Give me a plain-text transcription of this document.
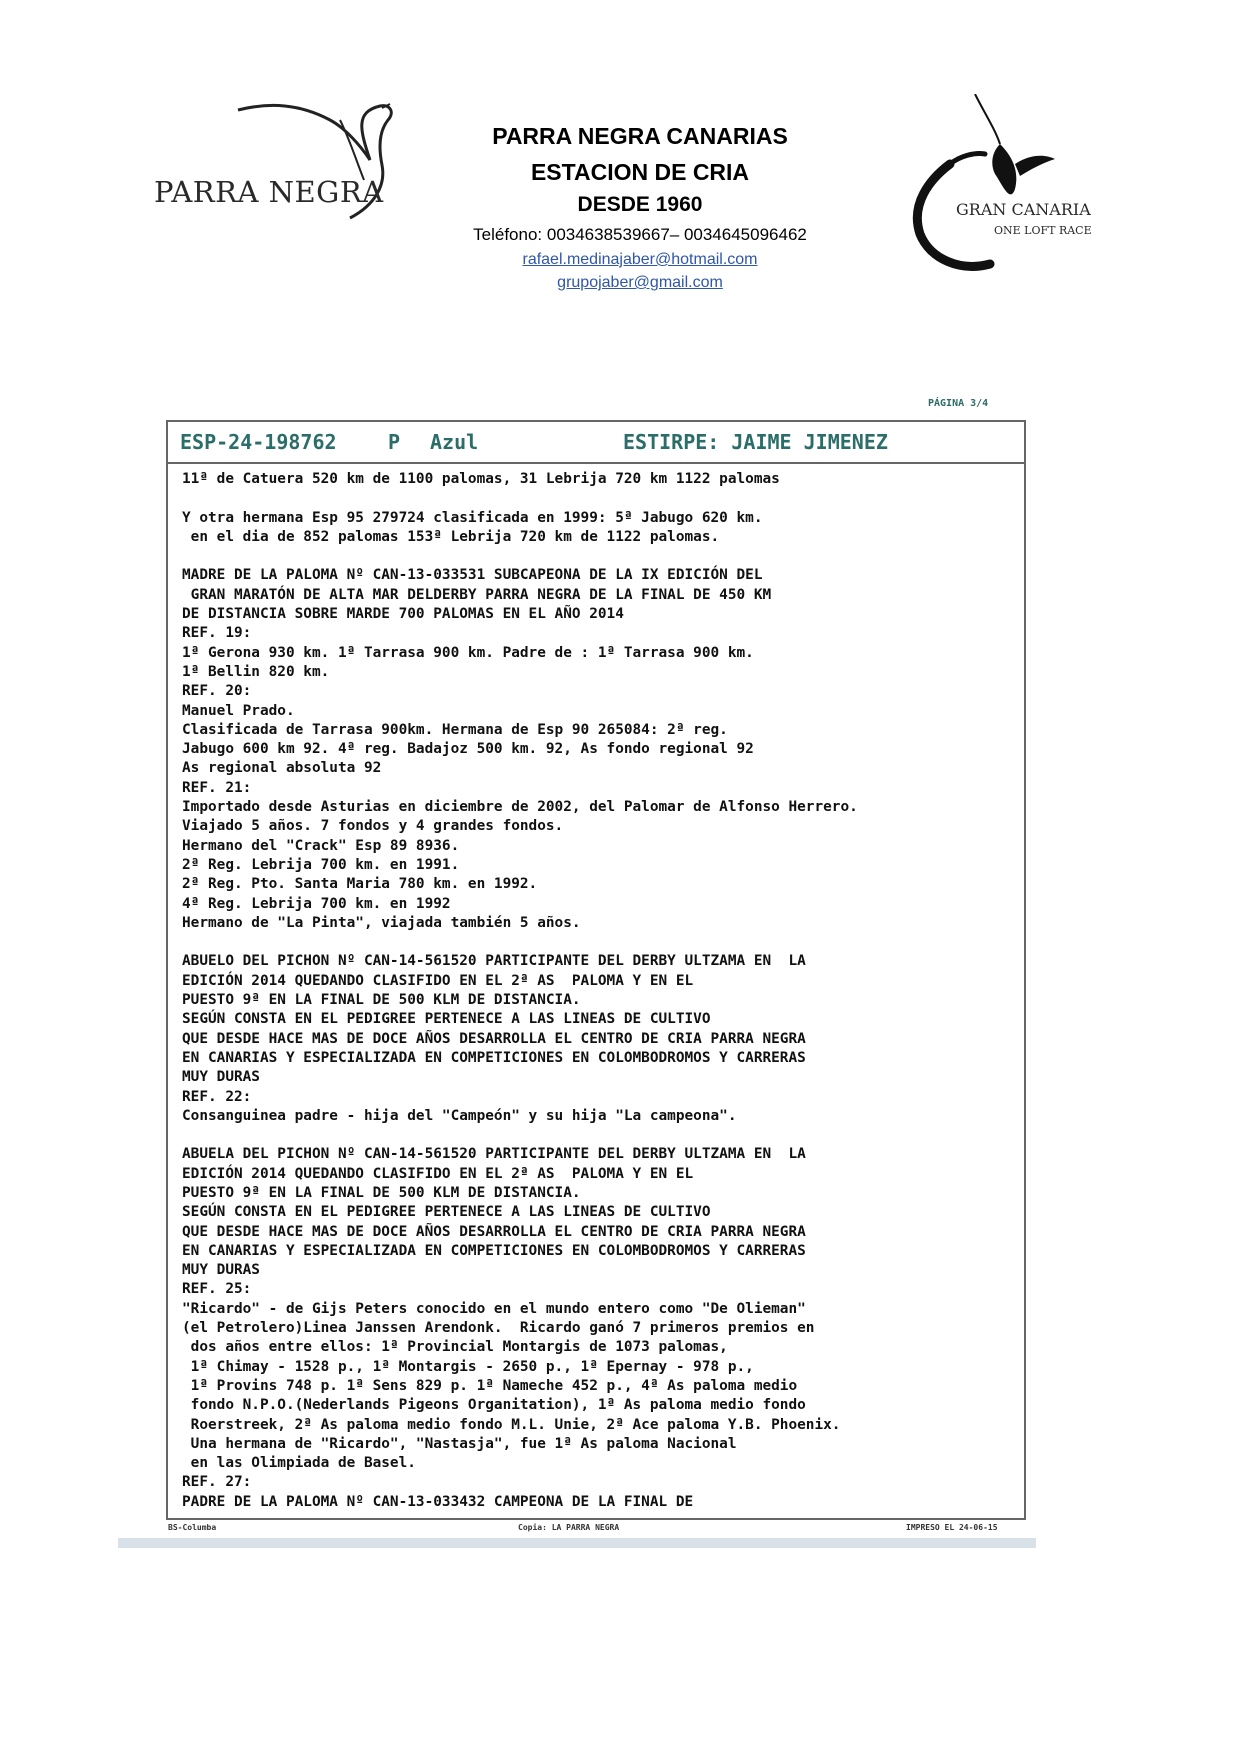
PARRA NEGRA
PARRA NEGRA CANARIAS
ESTACION DE CRIA
DESDE 1960
Teléfono: 0034638539667– 0034645096462
rafael.medinajaber@hotmail.com
grupojaber@gmail.com
GRAN CANARIA
ONE LOFT RACE
PÁGINA 3/4
ESP-24-198762	P Azul	ESTIRPE: JAIME JIMENEZ
11ª de Catuera 520 km de 1100 palomas, 31 Lebrija 720 km 1122 palomas
Y otra hermana Esp 95 279724 clasificada en 1999: 5ª Jabugo 620 km.
en el dia de 852 palomas 153ª Lebrija 720 km de 1122 palomas.
MADRE DE LA PALOMA Nº CAN-13-033531 SUBCAPEONA DE LA IX EDICIÓN DEL
GRAN MARATÓN DE ALTA MAR DELDERBY PARRA NEGRA DE LA FINAL DE 450 KM
DE DISTANCIA SOBRE MARDE 700 PALOMAS EN EL AÑO 2014
REF. 19:
1ª Gerona 930 km. 1ª Tarrasa 900 km. Padre de : 1ª Tarrasa 900 km.
1ª Bellin 820 km.
REF. 20:
Manuel Prado.
Clasificada de Tarrasa 900km. Hermana de Esp 90 265084: 2ª reg.
Jabugo 600 km 92. 4ª reg. Badajoz 500 km. 92, As fondo regional 92
As regional absoluta 92
REF. 21:
Importado desde Asturias en diciembre de 2002, del Palomar de Alfonso Herrero.
Viajado 5 años. 7 fondos y 4 grandes fondos.
Hermano del "Crack" Esp 89 8936.
2ª Reg. Lebrija 700 km. en 1991.
2ª Reg. Pto. Santa Maria 780 km. en 1992.
4ª Reg. Lebrija 700 km. en 1992
Hermano de "La Pinta", viajada también 5 años.
ABUELO DEL PICHON Nº CAN-14-561520 PARTICIPANTE DEL DERBY ULTZAMA EN  LA
EDICIÓN 2014 QUEDANDO CLASIFIDO EN EL 2ª AS  PALOMA Y EN EL
PUESTO 9ª EN LA FINAL DE 500 KLM DE DISTANCIA.
SEGÚN CONSTA EN EL PEDIGREE PERTENECE A LAS LINEAS DE CULTIVO
QUE DESDE HACE MAS DE DOCE AÑOS DESARROLLA EL CENTRO DE CRIA PARRA NEGRA
EN CANARIAS Y ESPECIALIZADA EN COMPETICIONES EN COLOMBODROMOS Y CARRERAS
MUY DURAS
REF. 22:
Consanguinea padre - hija del "Campeón" y su hija "La campeona".
ABUELA DEL PICHON Nº CAN-14-561520 PARTICIPANTE DEL DERBY ULTZAMA EN  LA
EDICIÓN 2014 QUEDANDO CLASIFIDO EN EL 2ª AS  PALOMA Y EN EL
PUESTO 9ª EN LA FINAL DE 500 KLM DE DISTANCIA.
SEGÚN CONSTA EN EL PEDIGREE PERTENECE A LAS LINEAS DE CULTIVO
QUE DESDE HACE MAS DE DOCE AÑOS DESARROLLA EL CENTRO DE CRIA PARRA NEGRA
EN CANARIAS Y ESPECIALIZADA EN COMPETICIONES EN COLOMBODROMOS Y CARRERAS
MUY DURAS
REF. 25:
"Ricardo" - de Gijs Peters conocido en el mundo entero como "De Olieman"
(el Petrolero)Linea Janssen Arendonk.  Ricardo ganó 7 primeros premios en
dos años entre ellos: 1ª Provincial Montargis de 1073 palomas,
1ª Chimay - 1528 p., 1ª Montargis - 2650 p., 1ª Epernay - 978 p.,
1ª Provins 748 p. 1ª Sens 829 p. 1ª Nameche 452 p., 4ª As paloma medio
fondo N.P.O.(Nederlands Pigeons Organitation), 1ª As paloma medio fondo
Roerstreek, 2ª As paloma medio fondo M.L. Unie, 2ª Ace paloma Y.B. Phoenix.
Una hermana de "Ricardo", "Nastasja", fue 1ª As paloma Nacional
en las Olimpiada de Basel.
REF. 27:
PADRE DE LA PALOMA Nº CAN-13-033432 CAMPEONA DE LA FINAL DE
BS-Columba	Copia: LA PARRA NEGRA	IMPRESO EL 24-06-15
